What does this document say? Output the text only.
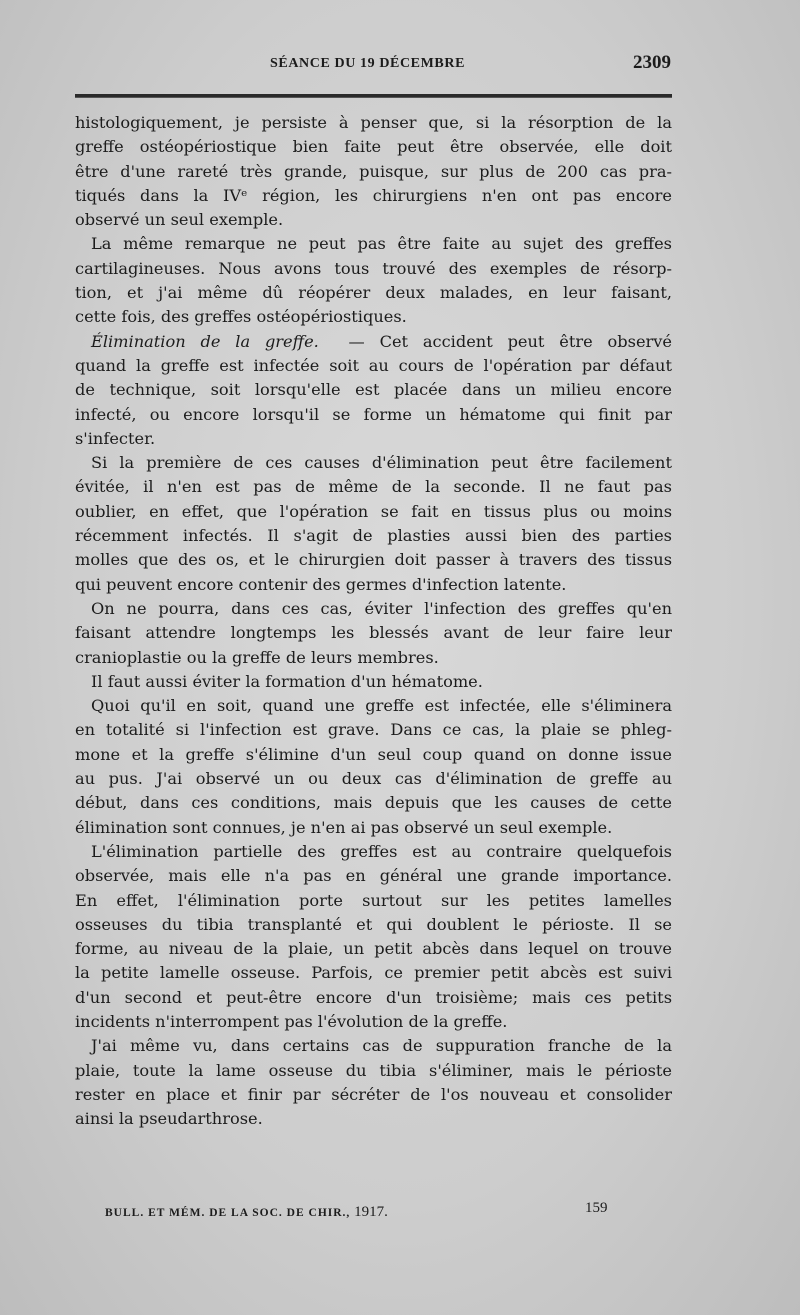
SÉANCE DU 19 DÉCEMBRE	2309
histologiquement, je persiste à penser que, si la résorption de la
greffe ostéopériostique bien faite peut être observée, elle doit
être d'une rareté très grande, puisque, sur plus de 200 cas pra-
tiqués dans la IVᵉ région, les chirurgiens n'en ont pas encore
observé un seul exemple.
La même remarque ne peut pas être faite au sujet des greffes
cartilagineuses. Nous avons tous trouvé des exemples de résorp-
tion, et j'ai même dû réopérer deux malades, en leur faisant,
cette fois, des greffes ostéopériostiques.
Élimination de la greffe. — Cet accident peut être observé
quand la greffe est infectée soit au cours de l'opération par défaut
de technique, soit lorsqu'elle est placée dans un milieu encore
infecté, ou encore lorsqu'il se forme un hématome qui finit par
s'infecter.
Si la première de ces causes d'élimination peut être facilement
évitée, il n'en est pas de même de la seconde. Il ne faut pas
oublier, en effet, que l'opération se fait en tissus plus ou moins
récemment infectés. Il s'agit de plasties aussi bien des parties
molles que des os, et le chirurgien doit passer à travers des tissus
qui peuvent encore contenir des germes d'infection latente.
On ne pourra, dans ces cas, éviter l'infection des greffes qu'en
faisant attendre longtemps les blessés avant de leur faire leur
cranioplastie ou la greffe de leurs membres.
Il faut aussi éviter la formation d'un hématome.
Quoi qu'il en soit, quand une greffe est infectée, elle s'éliminera
en totalité si l'infection est grave. Dans ce cas, la plaie se phleg-
mone et la greffe s'élimine d'un seul coup quand on donne issue
au pus. J'ai observé un ou deux cas d'élimination de greffe au
début, dans ces conditions, mais depuis que les causes de cette
élimination sont connues, je n'en ai pas observé un seul exemple.
L'élimination partielle des greffes est au contraire quelquefois
observée, mais elle n'a pas en général une grande importance.
En effet, l'élimination porte surtout sur les petites lamelles
osseuses du tibia transplanté et qui doublent le périoste. Il se
forme, au niveau de la plaie, un petit abcès dans lequel on trouve
la petite lamelle osseuse. Parfois, ce premier petit abcès est suivi
d'un second et peut-être encore d'un troisième; mais ces petits
incidents n'interrompent pas l'évolution de la greffe.
J'ai même vu, dans certains cas de suppuration franche de la
plaie, toute la lame osseuse du tibia s'éliminer, mais le périoste
rester en place et finir par sécréter de l'os nouveau et consolider
ainsi la pseudarthrose.
BULL. ET MÉM. DE LA SOC. DE CHIR., 1917.	159
